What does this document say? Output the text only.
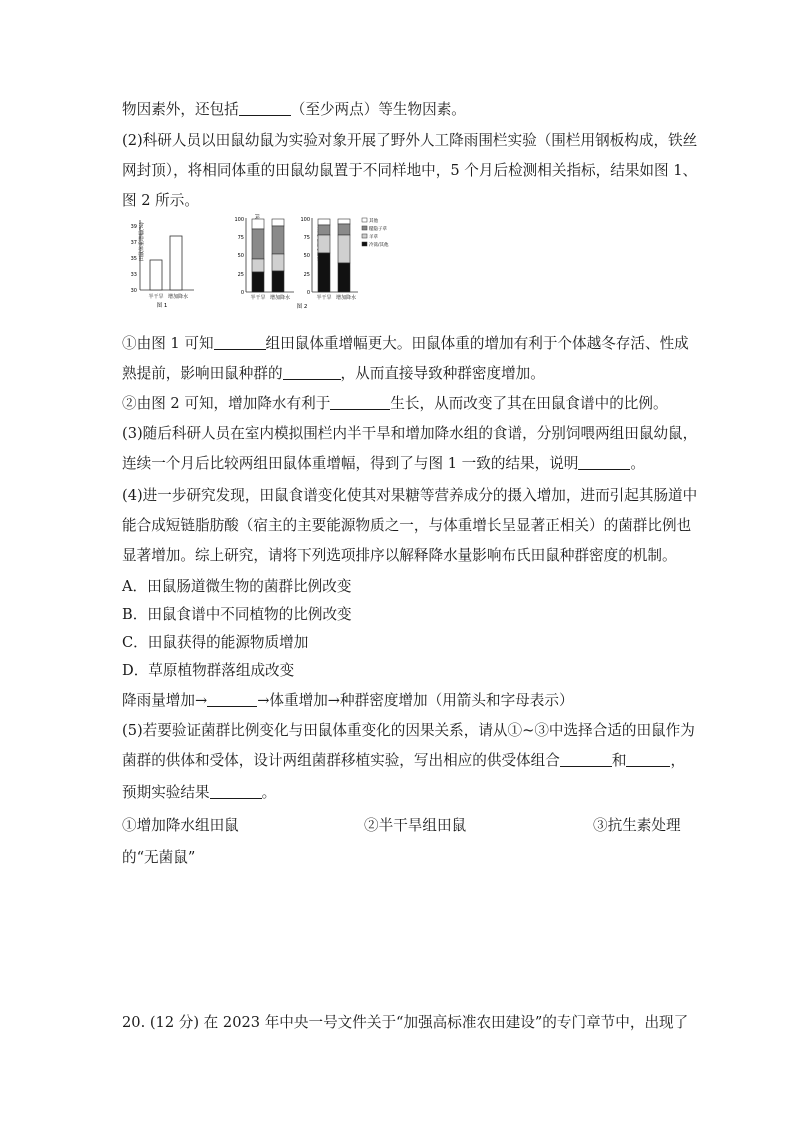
物因素外，还包括	（至少两点）等生物因素。
(2)科研人员以田鼠幼鼠为实验对象开展了野外人工降雨围栏实验（围栏用钢板构成，铁丝
网封顶），将相同体重的田鼠幼鼠置于不同样地中，5 个月后检测相关指标，结果如图 1、
图 2 所示。
田鼠体重增幅(%)
39
37
35
33
30
半干旱 增加降水
图 1
100
75
50
25
0
半干旱 增加降水
100
75
50
25
0
半干旱 增加降水
图 2
其他
糙隐子草
羊草
冷蒿/其他
①由图 1 可知	组田鼠体重增幅更大。田鼠体重的增加有利于个体越冬存活、性成
熟提前，影响田鼠种群的	，从而直接导致种群密度增加。
②由图 2 可知，增加降水有利于	生长，从而改变了其在田鼠食谱中的比例。
(3)随后科研人员在室内模拟围栏内半干旱和增加降水组的食谱，分别饲喂两组田鼠幼鼠，
连续一个月后比较两组田鼠体重增幅，得到了与图 1 一致的结果，说明	。
(4)进一步研究发现，田鼠食谱变化使其对果糖等营养成分的摄入增加，进而引起其肠道中
能合成短链脂肪酸（宿主的主要能源物质之一，与体重增长呈显著正相关）的菌群比例也
显著增加。综上研究，请将下列选项排序以解释降水量影响布氏田鼠种群密度的机制。
A．田鼠肠道微生物的菌群比例改变
B．田鼠食谱中不同植物的比例改变
C．田鼠获得的能源物质增加
D．草原植物群落组成改变
降雨量增加→	→体重增加→种群密度增加（用箭头和字母表示）
(5)若要验证菌群比例变化与田鼠体重变化的因果关系，请从①~③中选择合适的田鼠作为
菌群的供体和受体，设计两组菌群移植实验，写出相应的供受体组合	和	，
预期实验结果	。
①增加降水组田鼠	②半干旱组田鼠	③抗生素处理
的“无菌鼠”
20. (12 分) 在 2023 年中央一号文件关于“加强高标准农田建设”的专门章节中，出现了
